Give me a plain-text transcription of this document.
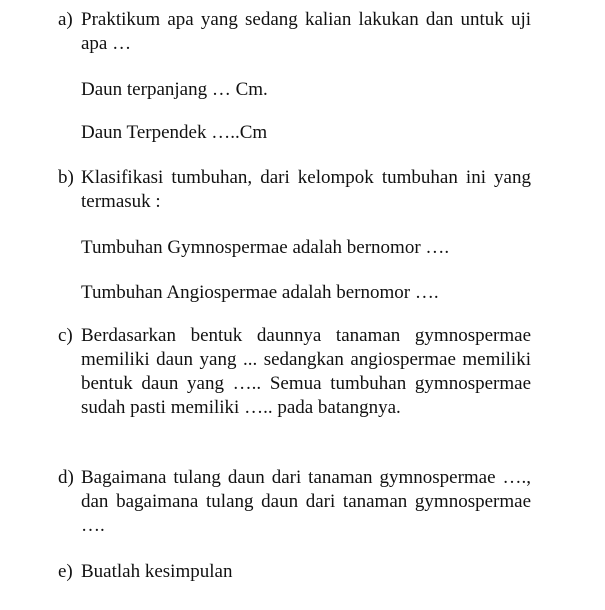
a) Praktikum apa yang sedang kalian lakukan dan untuk uji apa …

Daun terpanjang … Cm.

Daun Terpendek …..Cm

b) Klasifikasi tumbuhan, dari kelompok tumbuhan ini yang termasuk :

Tumbuhan Gymnospermae adalah bernomor ….

Tumbuhan Angiospermae adalah bernomor ….

c) Berdasarkan bentuk daunnya tanaman gymnospermae memiliki daun yang ... sedangkan angiospermae memiliki bentuk daun yang ….. Semua tumbuhan gymnospermae sudah pasti memiliki ….. pada batangnya.
d) Bagaimana tulang daun dari tanaman gymnospermae …., dan bagaimana tulang daun dari tanaman gymnospermae ….
e) Buatlah kesimpulan
